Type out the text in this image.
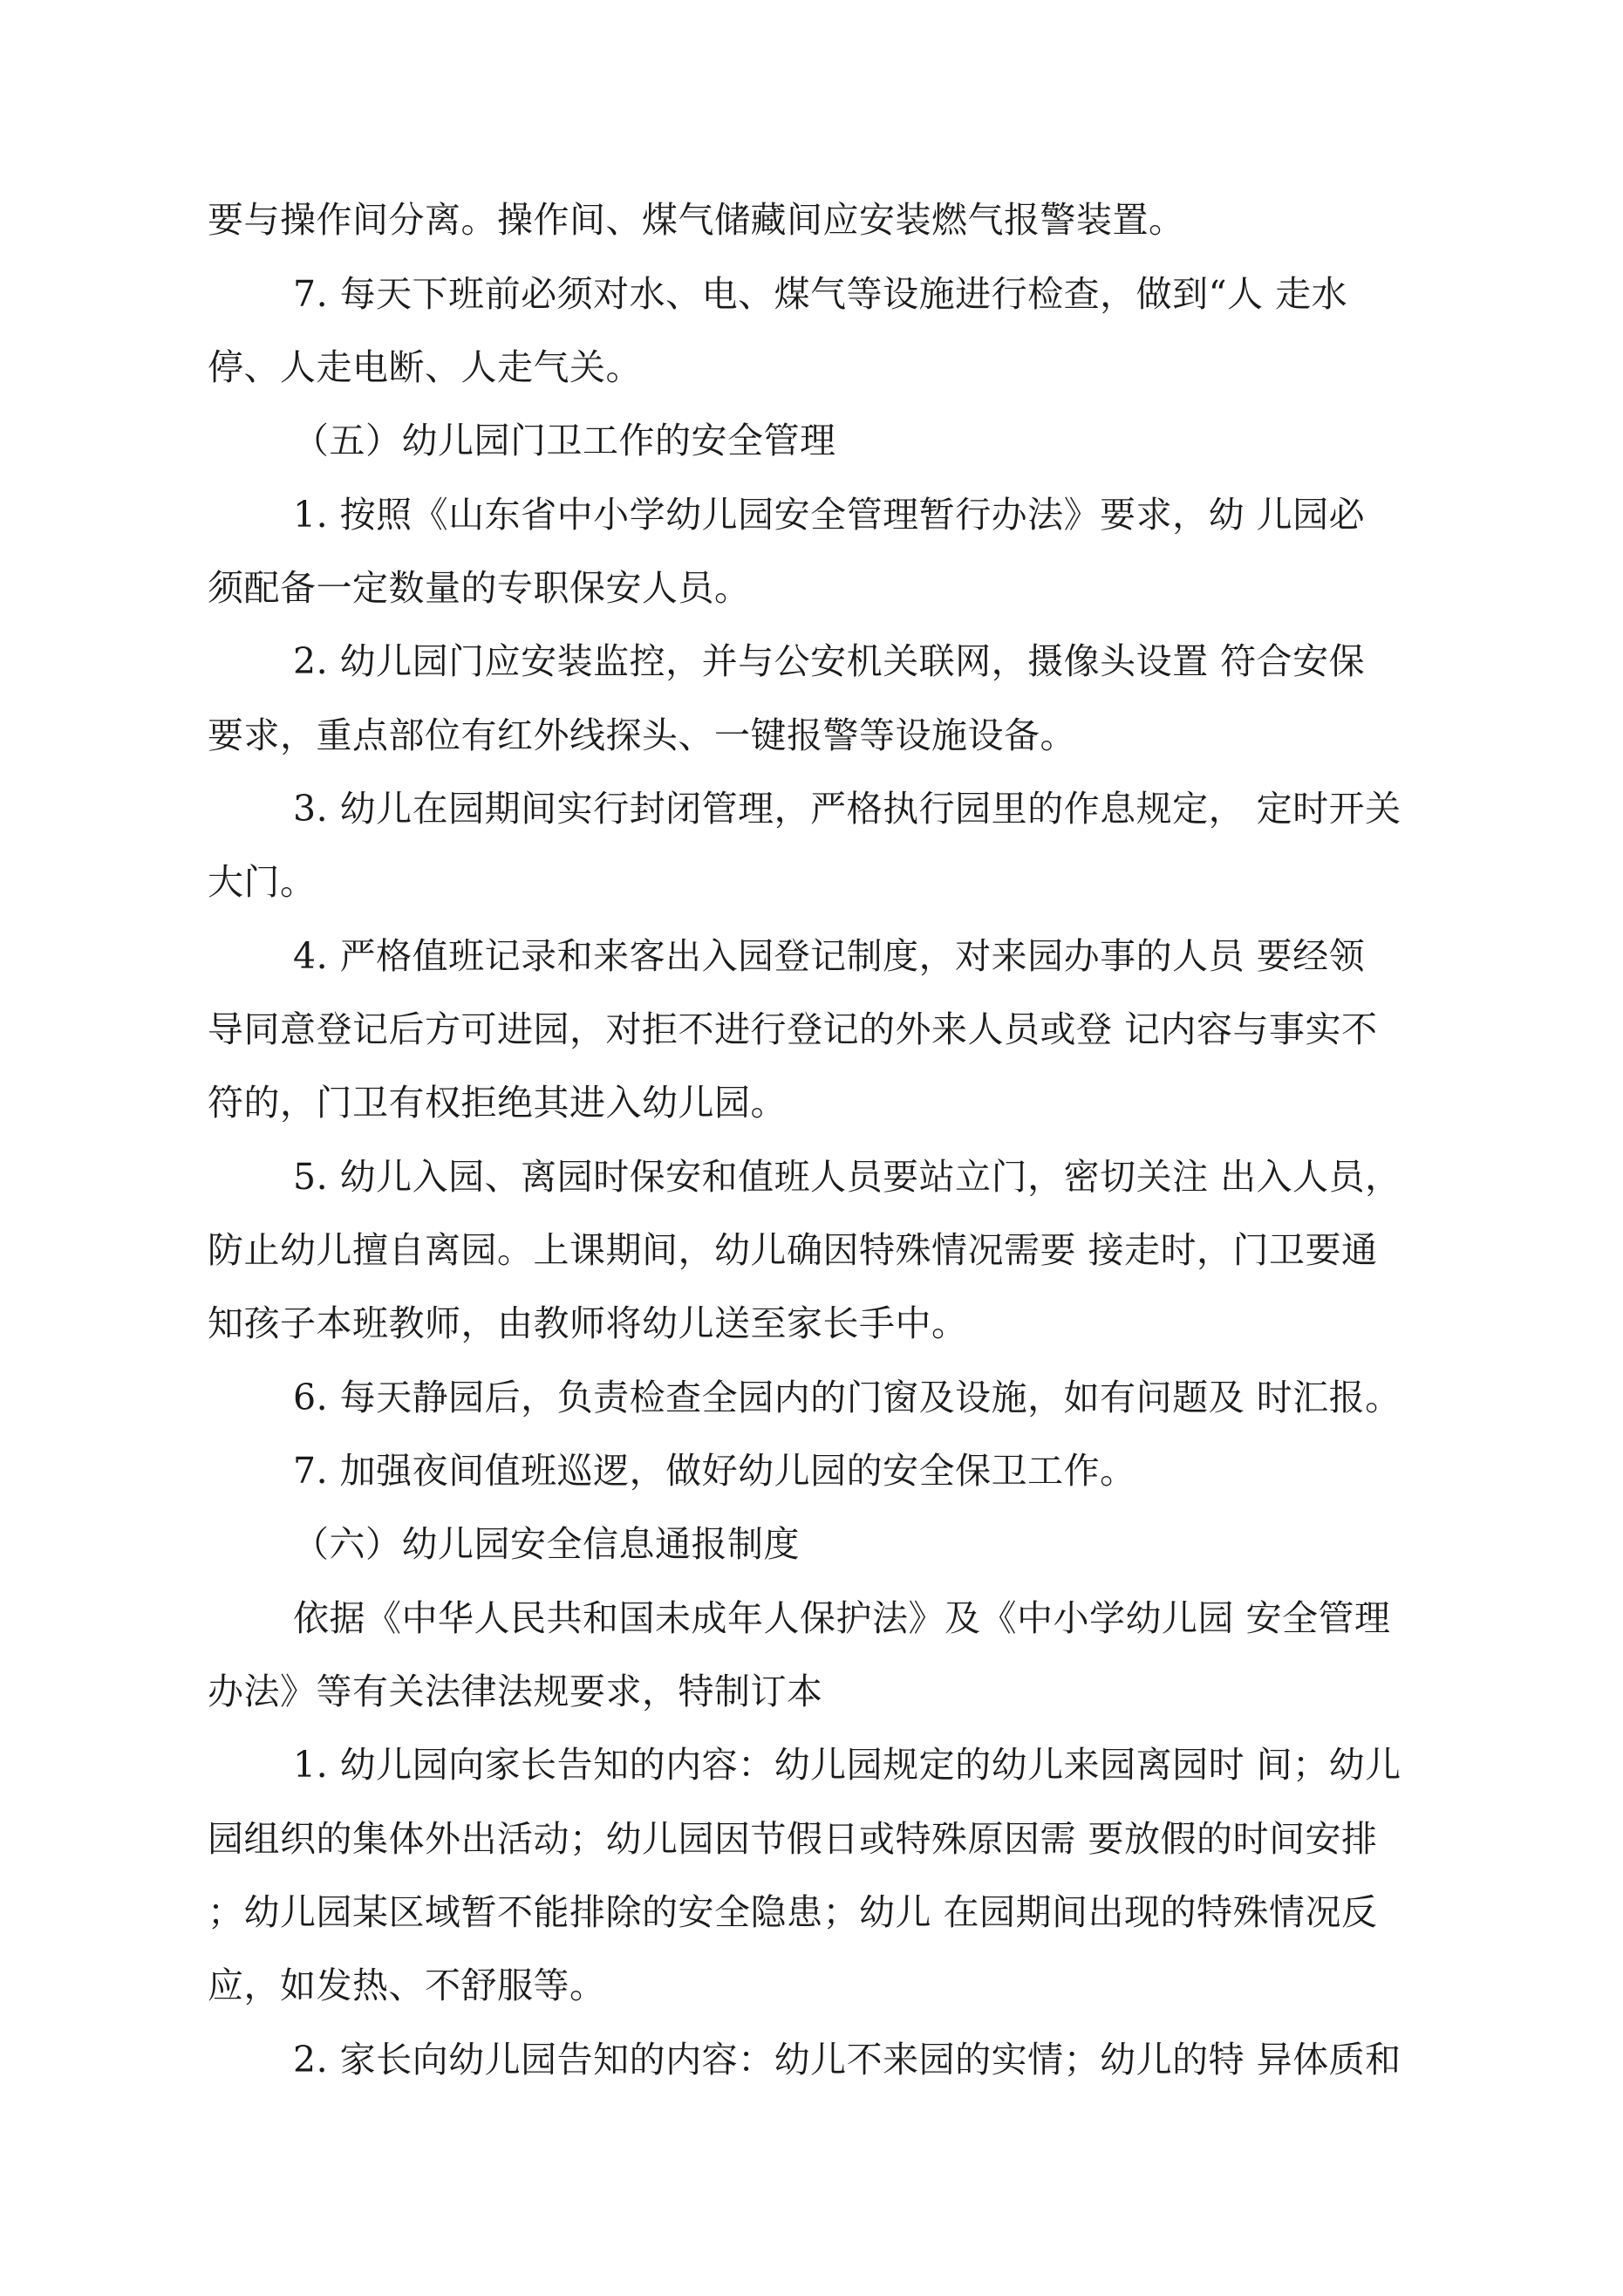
要与操作间分离。操作间、煤气储藏间应安装燃气报警装置。
7. 每天下班前必须对水、电、煤气等设施进行检查，做到“人 走水
停、人走电断、人走气关。
（五）幼儿园门卫工作的安全管理
1. 按照《山东省中小学幼儿园安全管理暂行办法》要求，幼 儿园必
须配备一定数量的专职保安人员。
2. 幼儿园门应安装监控，并与公安机关联网，摄像头设置 符合安保
要求，重点部位有红外线探头、一键报警等设施设备。
3. 幼儿在园期间实行封闭管理，严格执行园里的作息规定， 定时开关
大门。
4. 严格值班记录和来客出入园登记制度，对来园办事的人员 要经领
导同意登记后方可进园，对拒不进行登记的外来人员或登 记内容与事实不
符的，门卫有权拒绝其进入幼儿园。
5. 幼儿入园、离园时保安和值班人员要站立门，密切关注 出入人员，
防止幼儿擅自离园。上课期间，幼儿确因特殊情况需要 接走时，门卫要通
知孩子本班教师，由教师将幼儿送至家长手中。
6. 每天静园后，负责检查全园内的门窗及设施，如有问题及 时汇报。
7. 加强夜间值班巡逻，做好幼儿园的安全保卫工作。
（六）幼儿园安全信息通报制度
依据《中华人民共和国未成年人保护法》及《中小学幼儿园 安全管理
办法》等有关法律法规要求，特制订本
1. 幼儿园向家长告知的内容：幼儿园规定的幼儿来园离园时 间；幼儿
园组织的集体外出活动；幼儿园因节假日或特殊原因需 要放假的时间安排
；幼儿园某区域暂不能排除的安全隐患；幼儿 在园期间出现的特殊情况反
应，如发热、不舒服等。
2. 家长向幼儿园告知的内容：幼儿不来园的实情；幼儿的特 异体质和
